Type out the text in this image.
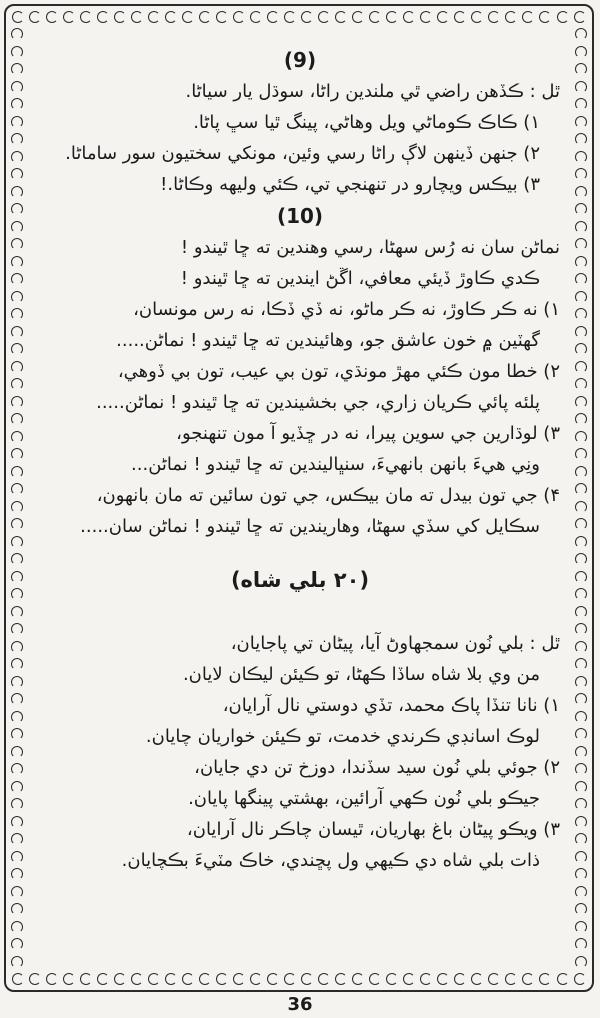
(9)

ٿل : ڪڏهن راضي ٿي ملندين راڻا، سوڌل يار سياڻا.

۱) ڪاڪ ڪوماڻي ويل وهاڻي، پينگ ٿيا سڀ پاڻا.

۲) جنهن ڏينهن لاڳ راڻا رسي وئين، مونکي سختيون سور ساماڻا.

۳) بيڪس ويچارو در تنهنجي تي، ڪئي وليهه وڪاڻا.!

(10)

نماڻن سان نه رُس سهڻا، رسي وهندين ته ڇا ٿيندو !

ڪدي ڪاوڙ ڏيئي معافي، اڱڻ ايندين ته ڇا ٿيندو !

۱) نه ڪر ڪاوڙ، نه ڪر ماڻو، نه ڏي ڏڪا، نه رس مونسان،

گهٽين ۾ خون عاشق جو، وهائيندين ته ڇا ٿيندو ! نماڻن.....

۲) خطا مون ڪئي مهڙ مونڌي، تون بي عيب، تون بي ڏوهي،

پلئه پائي ڪريان زاري، جي بخشيندين ته ڇا ٿيندو ! نماڻن.....

۳) لوڌارين جي سوين پيرا، نه در ڇڏيو آ مون تنهنجو،

ونِي هيءَ بانهن بانهيءَ، سنڀاليندين ته ڇا ٿيندو ! نماڻن...

۴) جي تون بيدل ته مان بيڪس، جي تون سائين ته مان بانهون،

سڪايل کي سڏي سهڻا، وهاريندين ته ڇا ٿيندو ! نماڻن سان.....

(۲۰ بلي شاه)

ٿل : بلي نُون سمجهاوڻ آيا، پيڻان تي پاجايان،

من وي بلا شاه ساڏا ڪهڻا، تو ڪيئن ليڪان لايان.

۱) نانا تنڏا پاڪ محمد، تڏي دوستي نال آرايان،

لوڪ اسانڊي ڪرندي خدمت، تو ڪيئن خواريان چايان.

۲) جوئي بلي نُون سيد سڏندا، دوزخ تن دي جايان،

جيڪو بلي نُون ڪهي آرائين، بهشتي پينگها پايان.

۳) ويڪو پيڻان باغ بهاريان، ٿيسان چاڪر نال آرايان،

ذات بلي شاه دي ڪيهي ول پڇندي، خاڪ مٽيءَ بڪچايان.

36
